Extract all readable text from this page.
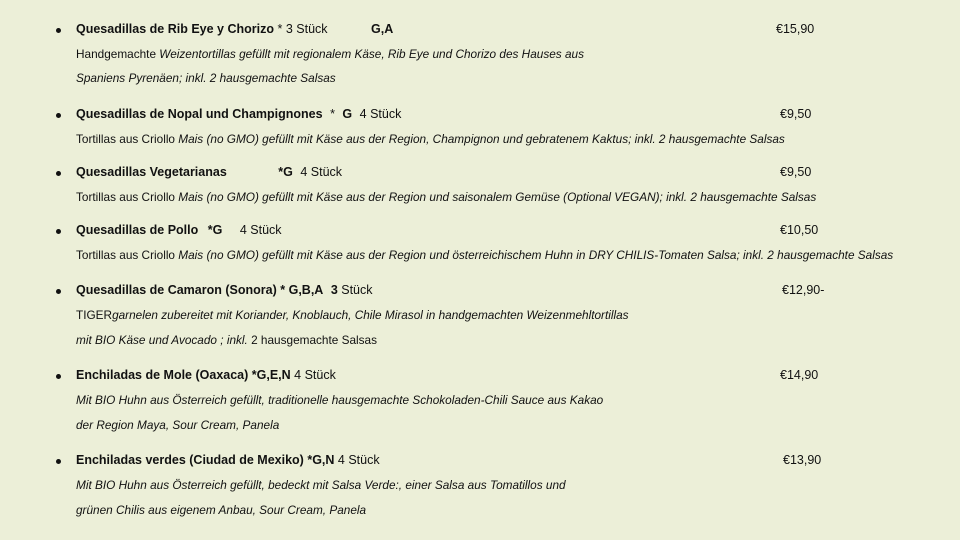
Quesadillas de Rib Eye y Chorizo * 3 Stück	G,A	€15,90
Handgemachte Weizentortillas gefüllt mit regionalem Käse, Rib Eye und Chorizo des Hauses aus
Spaniens Pyrenäen; inkl. 2 hausgemachte Salsas
Quesadillas de Nopal und Champignones * G 4 Stück	€9,50
Tortillas aus Criollo Mais (no GMO) gefüllt mit Käse aus der Region, Champignon und gebratenem Kaktus; inkl. 2 hausgemachte Salsas
Quesadillas Vegetarianas	*G 4 Stück	€9,50
Tortillas aus Criollo Mais (no GMO) gefüllt mit Käse aus der Region und saisonalem Gemüse (Optional VEGAN); inkl. 2 hausgemachte Salsas
Quesadillas de Pollo *G 4 Stück	€10,50
Tortillas aus Criollo Mais (no GMO) gefüllt mit Käse aus der Region und österreichischem Huhn in DRY CHILIS-Tomaten Salsa; inkl. 2 hausgemachte Salsas
Quesadillas de Camaron (Sonora) * G,B,A 3 Stück	€12,90-
TIGERgarnelen zubereitet mit Koriander, Knoblauch, Chile Mirasol in handgemachten Weizenmehltortillas
mit BIO Käse und Avocado ; inkl. 2 hausgemachte Salsas
Enchiladas de Mole (Oaxaca) *G,E,N 4 Stück	€14,90
Mit BIO Huhn aus Österreich gefüllt, traditionelle hausgemachte Schokoladen-Chili Sauce aus Kakao
der Region Maya, Sour Cream, Panela
Enchiladas verdes (Ciudad de Mexiko) *G,N 4 Stück	€13,90
Mit BIO Huhn aus Österreich gefüllt, bedeckt mit Salsa Verde:, einer Salsa aus Tomatillos und
grünen Chilis aus eigenem Anbau, Sour Cream, Panela
